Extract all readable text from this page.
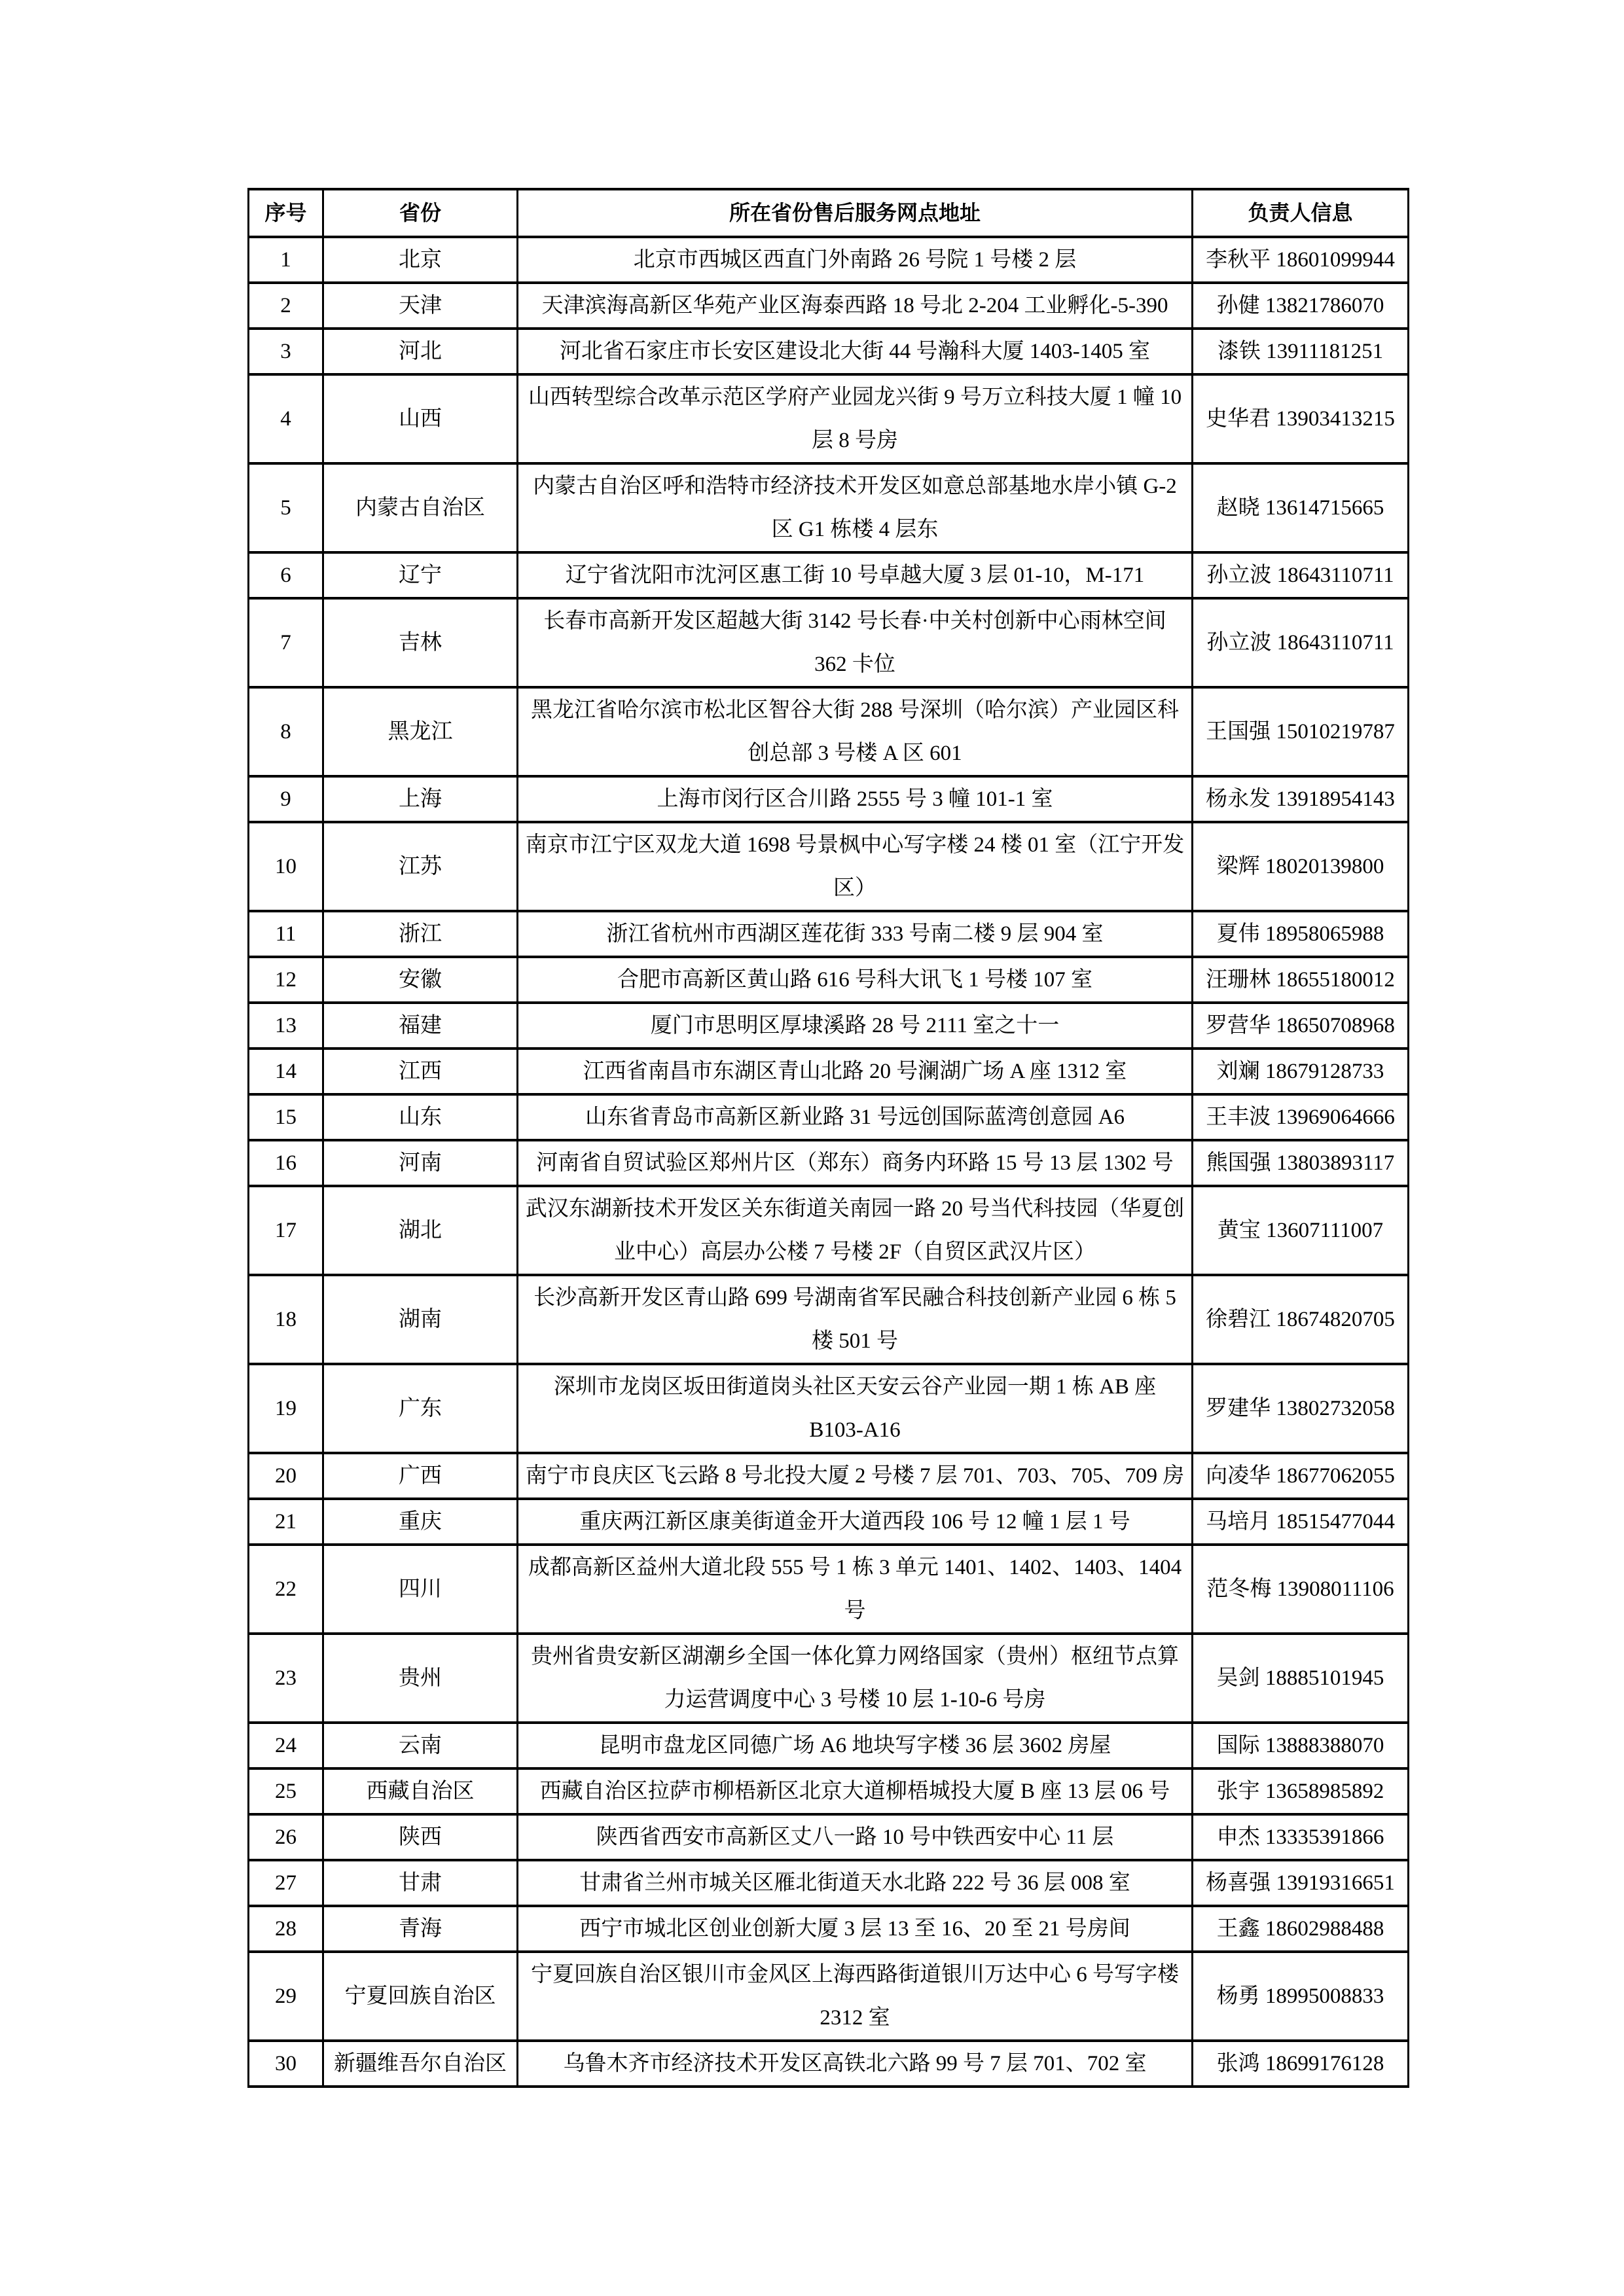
序号	省份	所在省份售后服务网点地址	负责人信息
1	北京	北京市西城区西直门外南路 26 号院 1 号楼 2 层	李秋平 18601099944
2	天津	天津滨海高新区华苑产业区海泰西路 18 号北 2-204 工业孵化-5-390	孙健 13821786070
3	河北	河北省石家庄市长安区建设北大街 44 号瀚科大厦 1403-1405 室	漆铁 13911181251
4	山西	山西转型综合改革示范区学府产业园龙兴街 9 号万立科技大厦 1 幢 10 层 8 号房	史华君 13903413215
5	内蒙古自治区	内蒙古自治区呼和浩特市经济技术开发区如意总部基地水岸小镇 G-2 区 G1 栋楼 4 层东	赵晓 13614715665
6	辽宁	辽宁省沈阳市沈河区惠工街 10 号卓越大厦 3 层 01-10，M-171	孙立波 18643110711
7	吉林	长春市高新开发区超越大街 3142 号长春·中关村创新中心雨林空间 362 卡位	孙立波 18643110711
8	黑龙江	黑龙江省哈尔滨市松北区智谷大街 288 号深圳（哈尔滨）产业园区科创总部 3 号楼 A 区 601	王国强 15010219787
9	上海	上海市闵行区合川路 2555 号 3 幢 101-1 室	杨永发 13918954143
10	江苏	南京市江宁区双龙大道 1698 号景枫中心写字楼 24 楼 01 室（江宁开发区）	梁辉 18020139800
11	浙江	浙江省杭州市西湖区莲花街 333 号南二楼 9 层 904 室	夏伟 18958065988
12	安徽	合肥市高新区黄山路 616 号科大讯飞 1 号楼 107 室	汪珊林 18655180012
13	福建	厦门市思明区厚埭溪路 28 号 2111 室之十一	罗营华 18650708968
14	江西	江西省南昌市东湖区青山北路 20 号澜湖广场 A 座 1312 室	刘斓 18679128733
15	山东	山东省青岛市高新区新业路 31 号远创国际蓝湾创意园 A6	王丰波 13969064666
16	河南	河南省自贸试验区郑州片区（郑东）商务内环路 15 号 13 层 1302 号	熊国强 13803893117
17	湖北	武汉东湖新技术开发区关东街道关南园一路 20 号当代科技园（华夏创业中心）高层办公楼 7 号楼 2F（自贸区武汉片区）	黄宝 13607111007
18	湖南	长沙高新开发区青山路 699 号湖南省军民融合科技创新产业园 6 栋 5 楼 501 号	徐碧江 18674820705
19	广东	深圳市龙岗区坂田街道岗头社区天安云谷产业园一期 1 栋 AB 座 B103-A16	罗建华 13802732058
20	广西	南宁市良庆区飞云路 8 号北投大厦 2 号楼 7 层 701、703、705、709 房	向凌华 18677062055
21	重庆	重庆两江新区康美街道金开大道西段 106 号 12 幢 1 层 1 号	马培月 18515477044
22	四川	成都高新区益州大道北段 555 号 1 栋 3 单元 1401、1402、1403、1404 号	范冬梅 13908011106
23	贵州	贵州省贵安新区湖潮乡全国一体化算力网络国家（贵州）枢纽节点算力运营调度中心 3 号楼 10 层 1-10-6 号房	吴剑 18885101945
24	云南	昆明市盘龙区同德广场 A6 地块写字楼 36 层 3602 房屋	国际 13888388070
25	西藏自治区	西藏自治区拉萨市柳梧新区北京大道柳梧城投大厦 B 座 13 层 06 号	张宇 13658985892
26	陕西	陕西省西安市高新区丈八一路 10 号中铁西安中心 11 层	申杰 13335391866
27	甘肃	甘肃省兰州市城关区雁北街道天水北路 222 号 36 层 008 室	杨喜强 13919316651
28	青海	西宁市城北区创业创新大厦 3 层 13 至 16、20 至 21 号房间	王鑫 18602988488
29	宁夏回族自治区	宁夏回族自治区银川市金风区上海西路街道银川万达中心 6 号写字楼 2312 室	杨勇 18995008833
30	新疆维吾尔自治区	乌鲁木齐市经济技术开发区高铁北六路 99 号 7 层 701、702 室	张鸿 18699176128
